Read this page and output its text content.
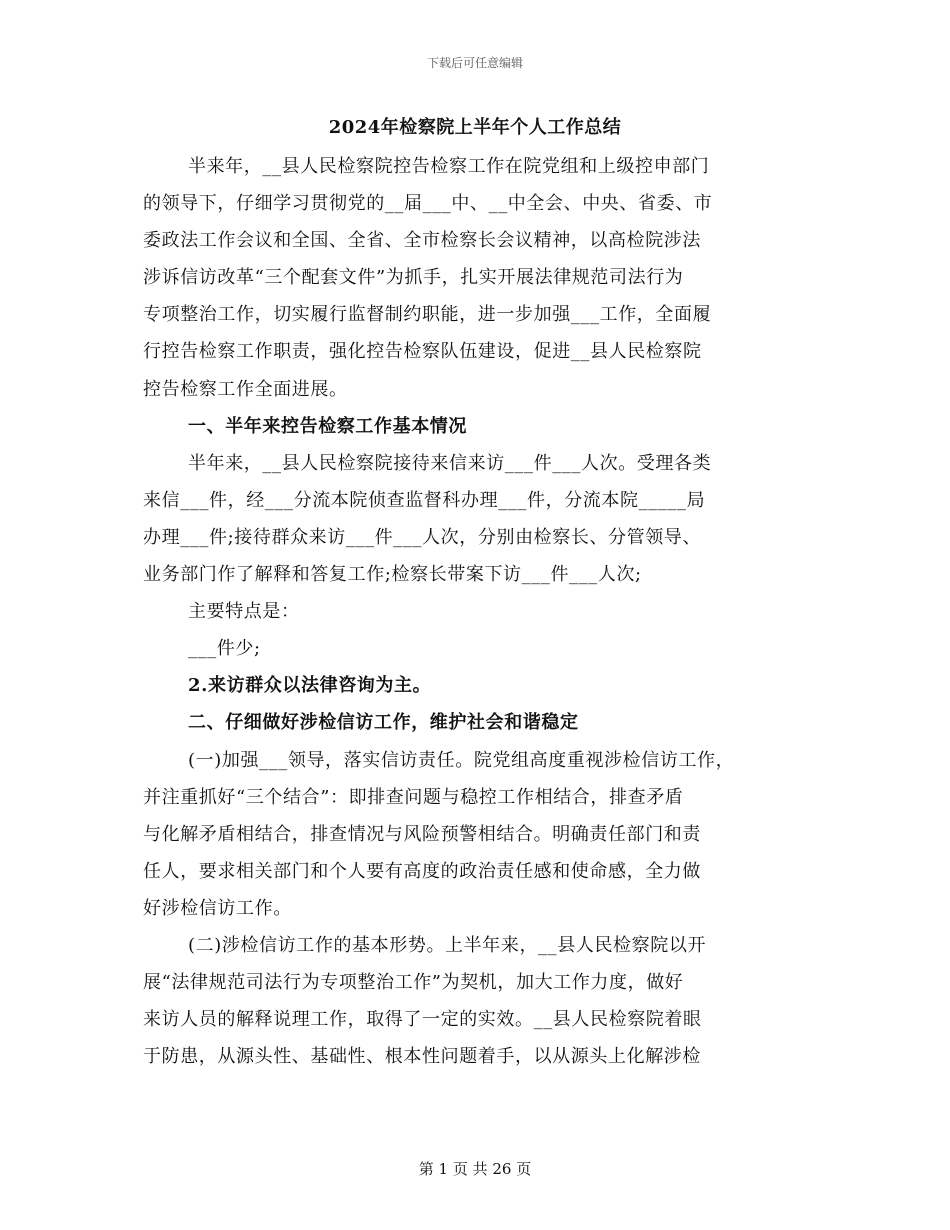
下载后可任意编辑
2024年检察院上半年个人工作总结
半来年，__县人民检察院控告检察工作在院党组和上级控申部门
的领导下，仔细学习贯彻党的__届___中、__中全会、中央、省委、市
委政法工作会议和全国、全省、全市检察长会议精神，以高检院涉法
涉诉信访改革“三个配套文件”为抓手，扎实开展法律规范司法行为
专项整治工作，切实履行监督制约职能，进一步加强___工作，全面履
行控告检察工作职责，强化控告检察队伍建设，促进__县人民检察院
控告检察工作全面进展。
一、半年来控告检察工作基本情况
半年来，__县人民检察院接待来信来访___件___人次。受理各类
来信___件，经___分流本院侦查监督科办理___件，分流本院_____局
办理___件;接待群众来访___件___人次，分别由检察长、分管领导、
业务部门作了解释和答复工作;检察长带案下访___件___人次;
主要特点是：
___件少;
2.来访群众以法律咨询为主。
二、仔细做好涉检信访工作，维护社会和谐稳定
(一)加强___领导，落实信访责任。院党组高度重视涉检信访工作，
并注重抓好“三个结合”：即排查问题与稳控工作相结合，排查矛盾
与化解矛盾相结合，排查情况与风险预警相结合。明确责任部门和责
任人，要求相关部门和个人要有高度的政治责任感和使命感，全力做
好涉检信访工作。
(二)涉检信访工作的基本形势。上半年来，__县人民检察院以开
展“法律规范司法行为专项整治工作”为契机，加大工作力度，做好
来访人员的解释说理工作，取得了一定的实效。__县人民检察院着眼
于防患，从源头性、基础性、根本性问题着手，以从源头上化解涉检
第 1 页 共 26 页
